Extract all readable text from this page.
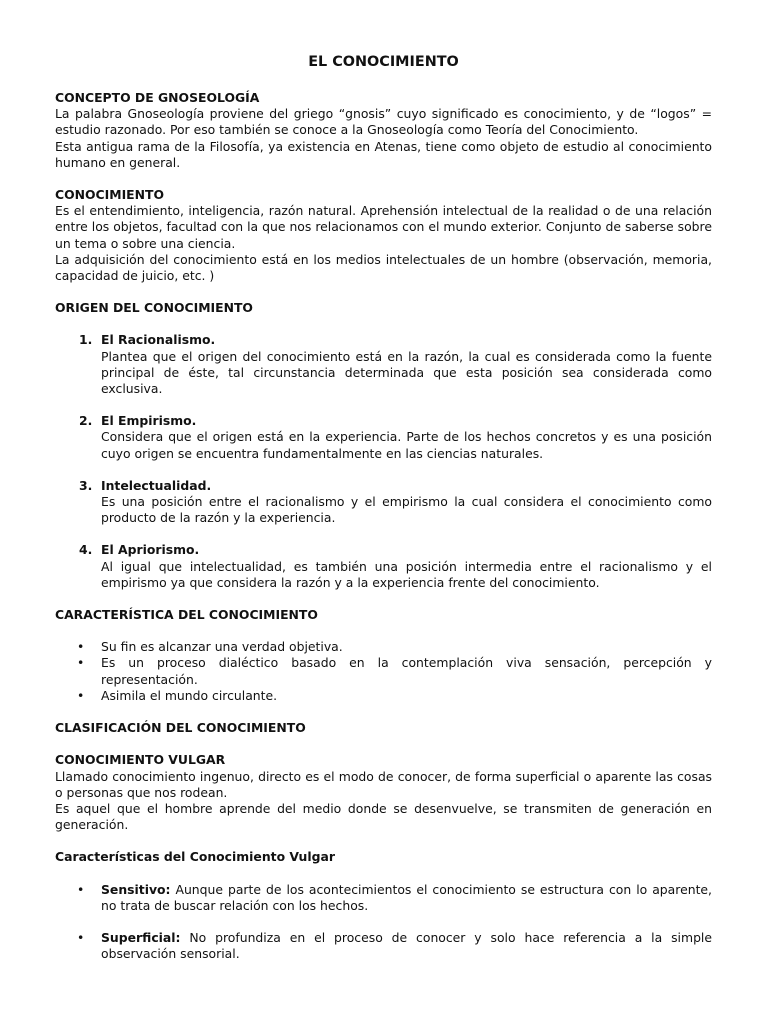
EL CONOCIMIENTO

CONCEPTO DE GNOSEOLOGÍA

La palabra Gnoseología proviene del griego “gnosis” cuyo significado es conocimiento, y de “logos” = estudio razonado. Por eso también se conoce a la Gnoseología como Teoría del Conocimiento.

Esta antigua rama de la Filosofía, ya existencia en Atenas, tiene como objeto de estudio al conocimiento humano en general.

CONOCIMIENTO

Es el entendimiento, inteligencia, razón natural. Aprehensión intelectual de la realidad o de una relación entre los objetos, facultad con la que nos relacionamos con el mundo exterior. Conjunto de saberse sobre un tema o sobre una ciencia.

La adquisición del conocimiento está en los medios intelectuales de un hombre (observación, memoria, capacidad de juicio, etc. )

ORIGEN DEL CONOCIMIENTO

1. El Racionalismo.
Plantea que el origen del conocimiento está en la razón, la cual es considerada como la fuente principal de éste, tal circunstancia determinada que esta posición sea considerada como exclusiva.
2. El Empirismo.
Considera que el origen está en la experiencia. Parte de los hechos concretos y es una posición cuyo origen se encuentra fundamentalmente en las ciencias naturales.
3. Intelectualidad.
Es una posición entre el racionalismo y el empirismo la cual considera el conocimiento como producto de la razón y la experiencia.
4. El Apriorismo.
Al igual que intelectualidad, es también una posición intermedia entre el racionalismo y el empirismo ya que considera la razón y a la experiencia frente del conocimiento.

CARACTERÍSTICA DEL CONOCIMIENTO

• Su fin es alcanzar una verdad objetiva.
• Es un proceso dialéctico basado en la contemplación viva sensación, percepción y representación.
• Asimila el mundo circulante.

CLASIFICACIÓN DEL CONOCIMIENTO

CONOCIMIENTO VULGAR

Llamado conocimiento ingenuo, directo es el modo de conocer, de forma superficial o aparente las cosas o personas que nos rodean.

Es aquel que el hombre aprende del medio donde se desenvuelve, se transmiten de generación en generación.

Características del Conocimiento Vulgar

• Sensitivo: Aunque parte de los acontecimientos el conocimiento se estructura con lo aparente, no trata de buscar relación con los hechos.
• Superficial: No profundiza en el proceso de conocer y solo hace referencia a la simple observación sensorial.
